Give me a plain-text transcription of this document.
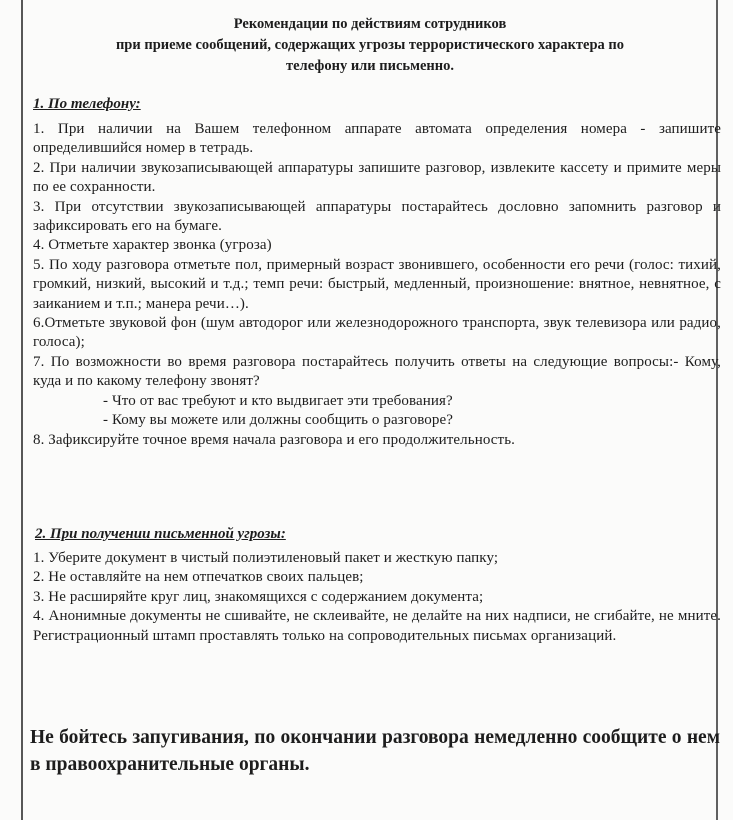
Рекомендации по действиям сотрудников
при приеме сообщений, содержащих угрозы террористического характера по
телефону или письменно.
1. По телефону:

1. При наличии на Вашем телефонном аппарате автомата определения номера - запишите определившийся номер в тетрадь.

2. При наличии звукозаписывающей аппаратуры запишите разговор, извлеките кассету и примите меры по ее сохранности.

3. При отсутствии звукозаписывающей аппаратуры постарайтесь дословно запомнить разговор и зафиксировать его на бумаге.

4. Отметьте характер звонка (угроза)

5. По ходу разговора отметьте пол, примерный возраст звонившего, особенности его речи (голос: тихий, громкий, низкий, высокий и т.д.; темп речи: быстрый, медленный, произношение: внятное, невнятное, с заиканием и т.п.; манера речи…).

6.Отметьте звуковой фон (шум автодорог или железнодорожного транспорта, звук телевизора или радио, голоса);

7. По возможности во время разговора постарайтесь получить ответы на следующие вопросы:- Кому, куда и по какому телефону звонят?

- Что от вас требуют и кто выдвигает эти требования?

- Кому вы можете или должны сообщить о разговоре?

8. Зафиксируйте точное время начала разговора и его продолжительность.

2. При получении письменной угрозы:

1. Уберите документ в чистый полиэтиленовый пакет и жесткую папку;

2. Не оставляйте на нем отпечатков своих пальцев;

3. Не расширяйте круг лиц, знакомящихся с содержанием документа;

4. Анонимные документы не сшивайте, не склеивайте, не делайте на них надписи, не сгибайте, не мните. Регистрационный штамп проставлять только на сопроводительных письмах организаций.

Не бойтесь запугивания, по окончании разговора немедленно сообщите о нем в правоохранительные органы.
